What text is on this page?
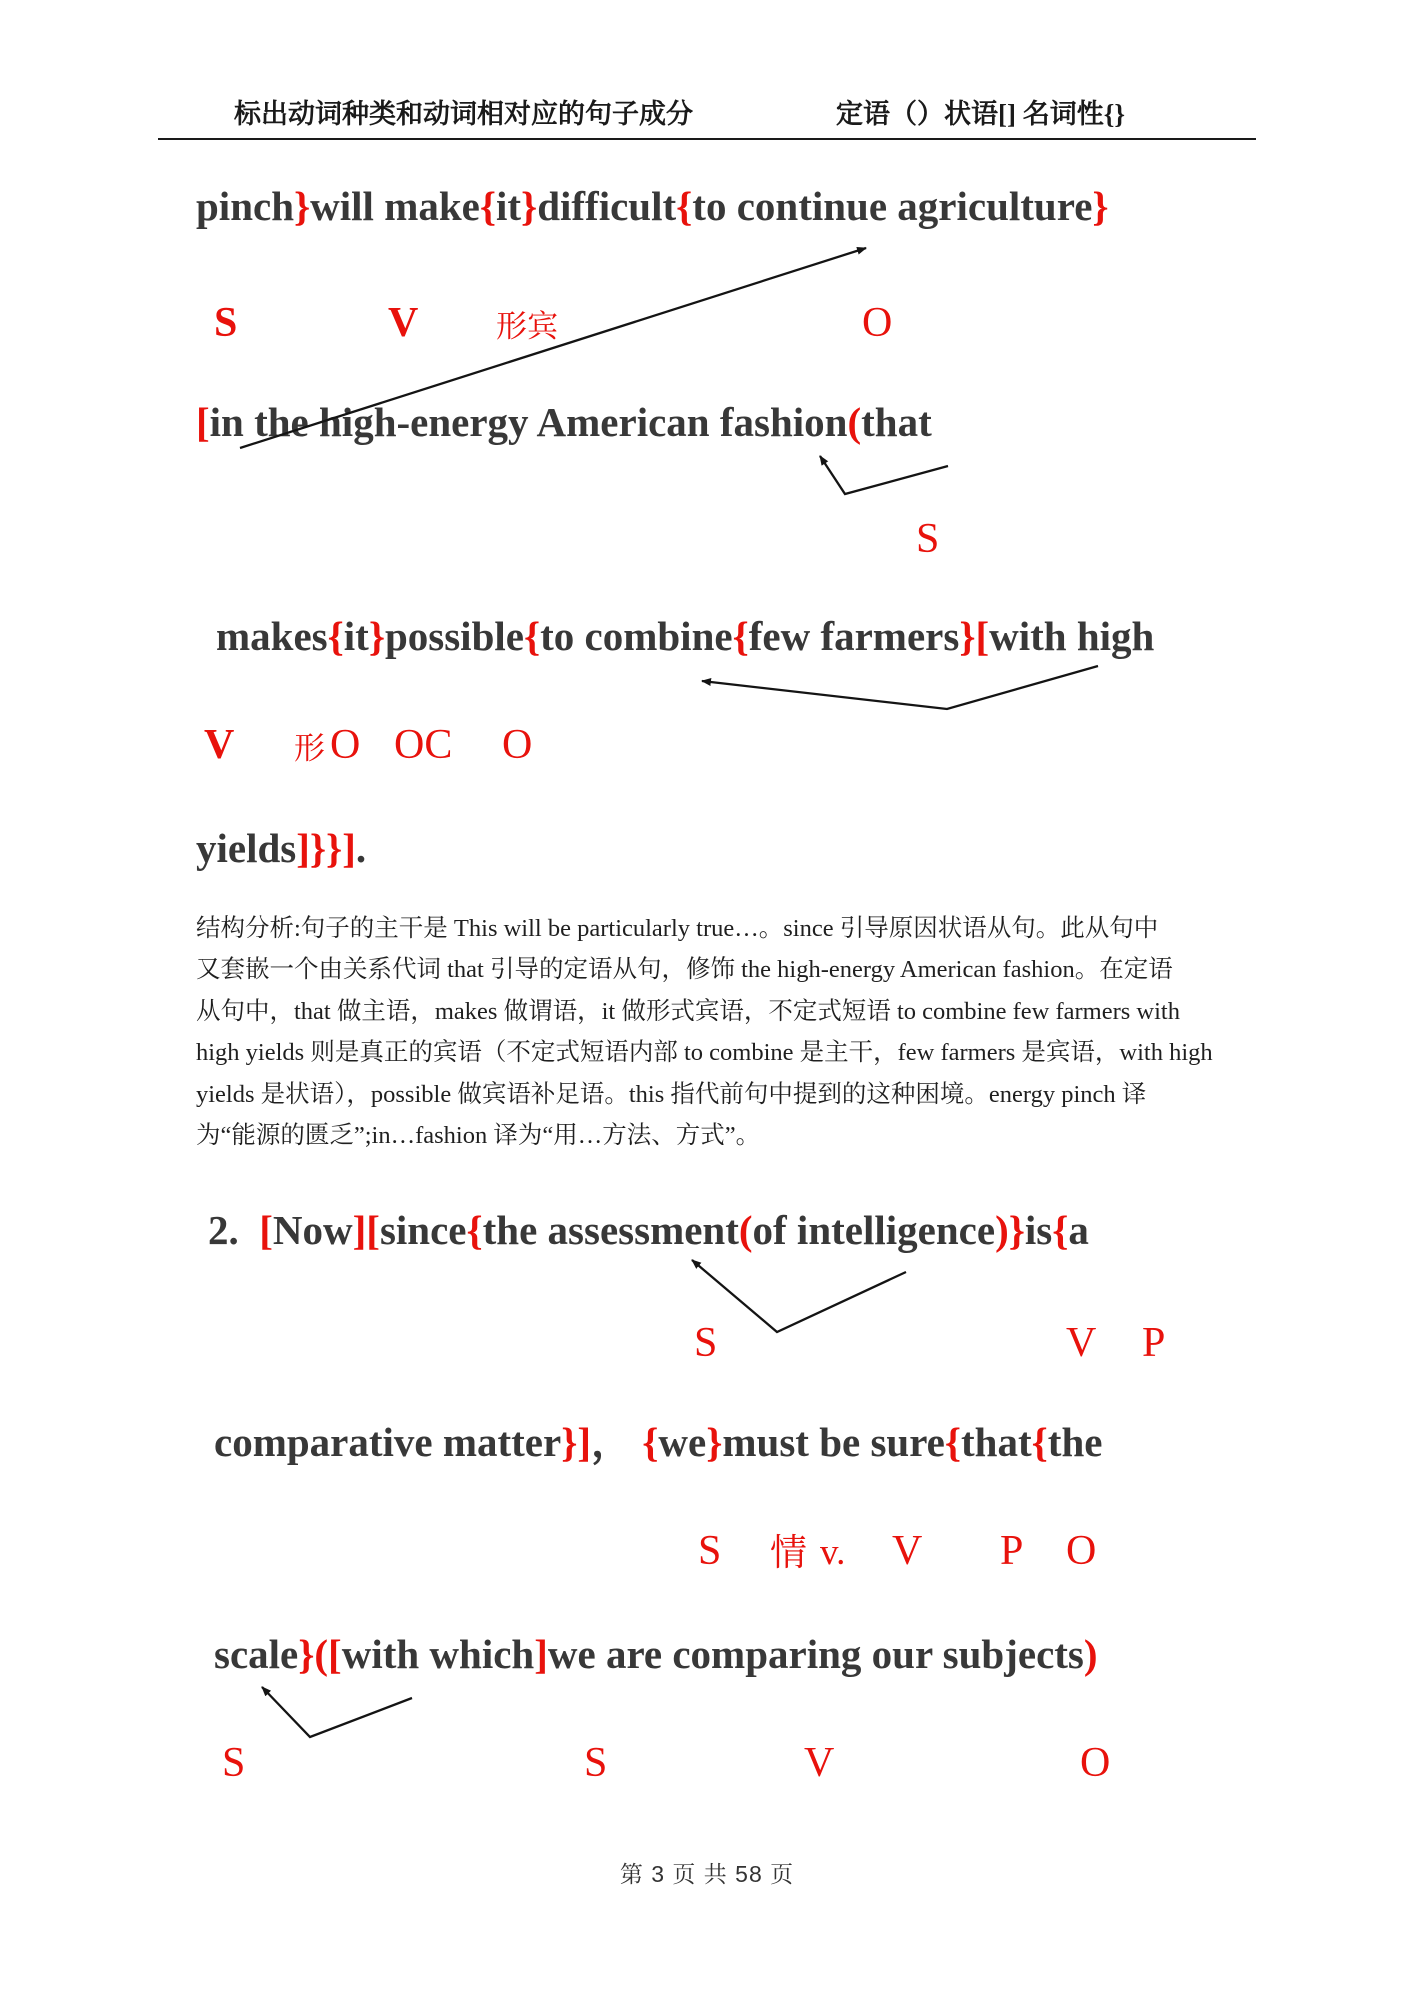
标出动词种类和动词相对应的句子成分	定语（）状语[] 名词性{}
pinch}will make{it}difficult{to continue agriculture}
S	V	形宾	O
[in the high-energy American fashion(that
S
makes{it}possible{to combine{few farmers}[with high
V 形 O OC O
yields]}}].
结构分析:句子的主干是 This will be particularly true…。since 引导原因状语从句。此从句中
又套嵌一个由关系代词 that 引导的定语从句，修饰 the high-energy American fashion。在定语
从句中，that 做主语，makes 做谓语，it 做形式宾语，不定式短语 to combine few farmers with
high yields 则是真正的宾语（不定式短语内部 to combine 是主干，few farmers 是宾语，with high
yields 是状语），possible 做宾语补足语。this 指代前句中提到的这种困境。energy pinch 译
为“能源的匮乏”;in…fashion 译为“用…方法、方式”。
2.  [Now][since{the assessment(of intelligence)}is{a
S	V P
comparative matter}]， {we}must be sure{that{the
S 情 v. V P O
scale}([with which]we are comparing our subjects)
S	S	V	O
第 3 页 共 58 页
